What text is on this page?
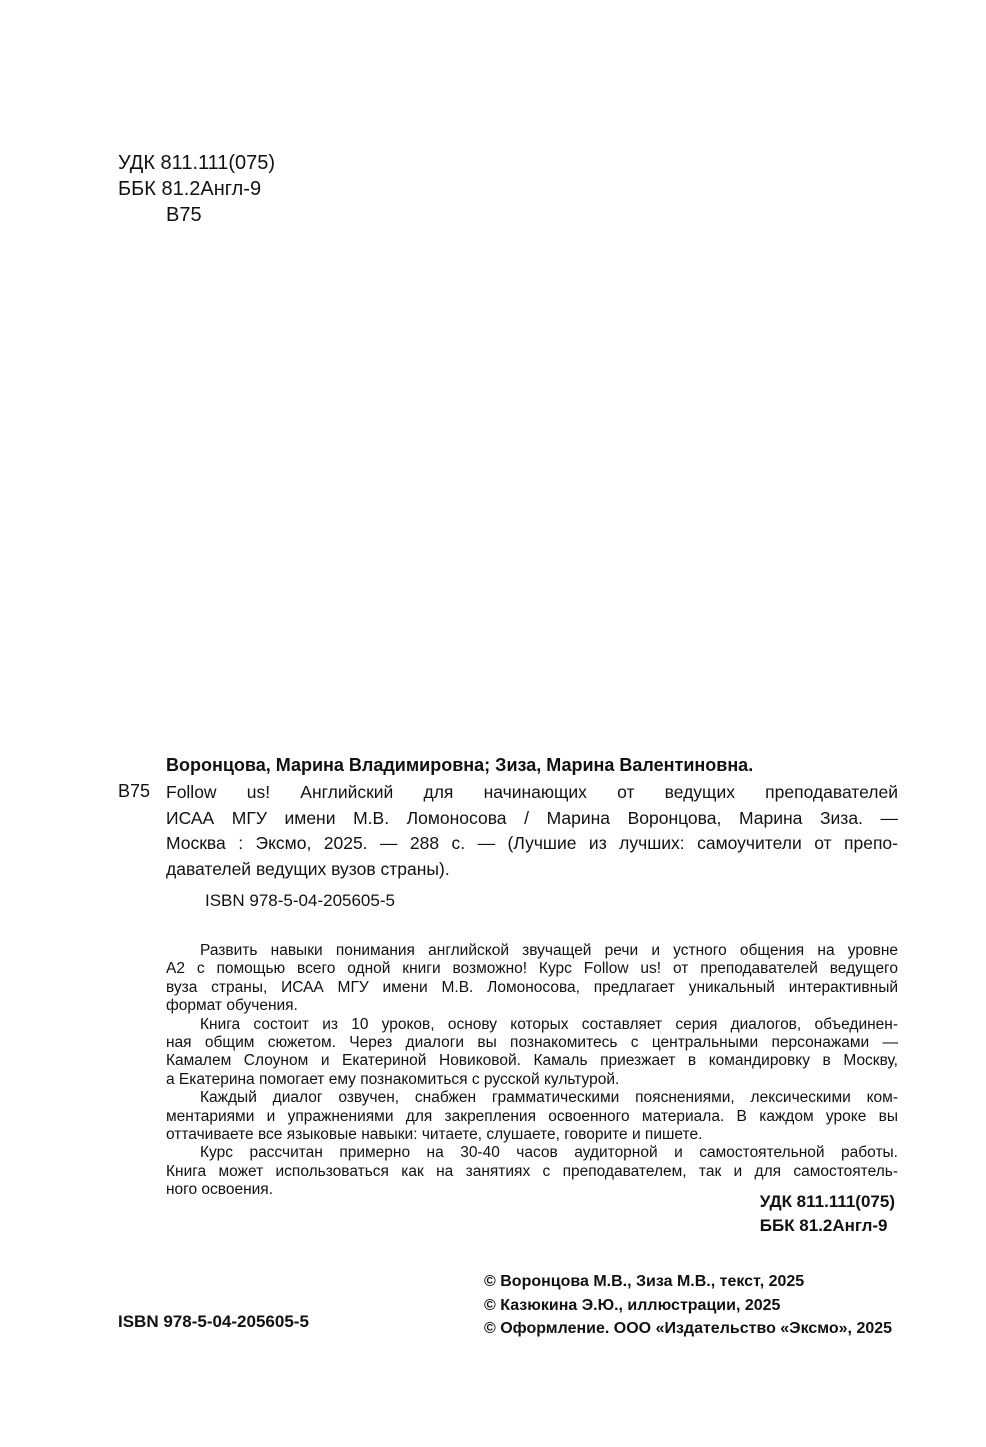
УДК 811.111(075)
ББК 81.2Англ-9
В75
Воронцова, Марина Владимировна; Зиза, Марина Валентиновна.
В75 Follow us! Английский для начинающих от ведущих преподавателей
ИСАА МГУ имени М.В. Ломоносова / Марина Воронцова, Марина Зиза. —
Москва : Эксмо, 2025. — 288 с. — (Лучшие из лучших: самоучители от препо-
давателей ведущих вузов страны).
ISBN 978-5-04-205605-5
Развить навыки понимания английской звучащей речи и устного общения на уровне
А2 с помощью всего одной книги возможно! Курс Follow us! от преподавателей ведущего
вуза страны, ИСАА МГУ имени М.В. Ломоносова, предлагает уникальный интерактивный
формат обучения.
Книга состоит из 10 уроков, основу которых составляет серия диалогов, объединен-
ная общим сюжетом. Через диалоги вы познакомитесь с центральными персонажами —
Камалем Слоуном и Екатериной Новиковой. Камаль приезжает в командировку в Москву,
а Екатерина помогает ему познакомиться с русской культурой.
Каждый диалог озвучен, снабжен грамматическими пояснениями, лексическими ком-
ментариями и упражнениями для закрепления освоенного материала. В каждом уроке вы
оттачиваете все языковые навыки: читаете, слушаете, говорите и пишете.
Курс рассчитан примерно на 30-40 часов аудиторной и самостоятельной работы.
Книга может использоваться как на занятиях с преподавателем, так и для самостоятель-
ного освоения.
УДК 811.111(075)
ББК 81.2Англ-9
© Воронцова М.В., Зиза М.В., текст, 2025
© Казюкина Э.Ю., иллюстрации, 2025
© Оформление. ООО «Издательство «Эксмо», 2025
ISBN 978-5-04-205605-5
